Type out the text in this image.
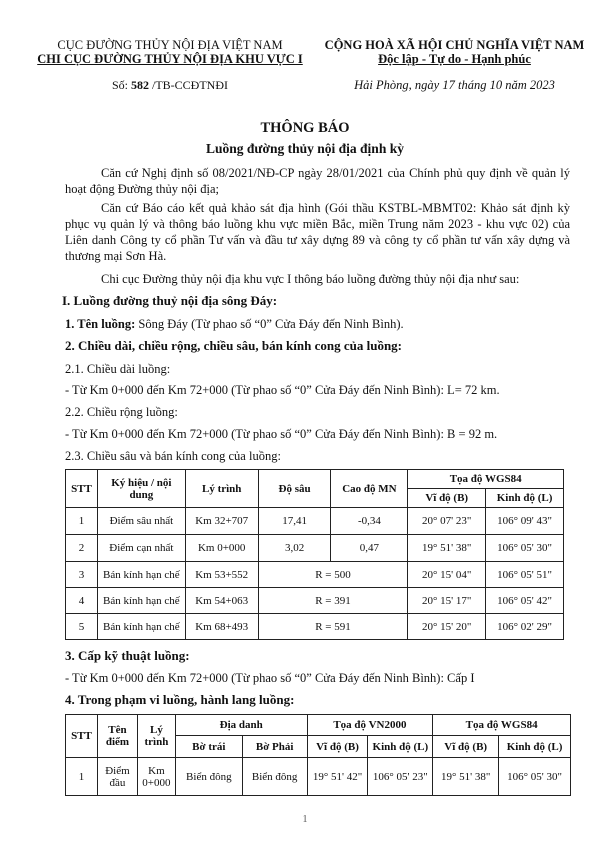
CỤC ĐƯỜNG THỦY NỘI ĐỊA VIỆT NAM
CHI CỤC ĐƯỜNG THỦY NỘI ĐỊA KHU VỰC I
Số: 582 /TB-CCĐTNĐI
CỘNG HOÀ XÃ HỘI CHỦ NGHĨA VIỆT NAM
Độc lập - Tự do - Hạnh phúc
Hải Phòng, ngày 17 tháng 10 năm 2023
THÔNG BÁO
Luồng đường thủy nội địa định kỳ
Căn cứ Nghị định số 08/2021/NĐ-CP ngày 28/01/2021 của Chính phủ quy định về quản lý hoạt động Đường thủy nội địa;
Căn cứ Báo cáo kết quả khảo sát địa hình (Gói thầu KSTBL-MBMT02: Khảo sát định kỳ phục vụ quản lý và thông báo luồng khu vực miền Bắc, miền Trung năm 2023 - khu vực 02) của Liên danh Công ty cổ phần Tư vấn và đầu tư xây dựng 89 và công ty cổ phần tư vấn xây dựng và thương mại Sơn Hà.
Chi cục Đường thủy nội địa khu vực I thông báo luồng đường thủy nội địa như sau:
I. Luồng đường thuỷ nội địa sông Đáy:
1. Tên luồng: Sông Đáy (Từ phao số “0” Cửa Đáy đến Ninh Bình).
2. Chiều dài, chiều rộng, chiều sâu, bán kính cong của luồng:
2.1. Chiều dài luồng:
- Từ Km 0+000 đến Km 72+000 (Từ phao số “0” Cửa Đáy đến Ninh Bình): L= 72 km.
2.2. Chiều rộng luồng:
- Từ Km 0+000 đến Km 72+000 (Từ phao số “0” Cửa Đáy đến Ninh Bình): B = 92 m.
2.3. Chiều sâu và bán kính cong của luồng:
STT	Ký hiệu / nội dung	Lý trình	Độ sâu	Cao độ MN	Tọa độ WGS84	
					Vĩ độ (B)	Kinh độ (L)
1	Điểm sâu nhất	Km 32+707	17,41	-0,34	20° 07' 23"	106° 09' 43"
2	Điểm cạn nhất	Km 0+000	3,02	0,47	19° 51' 38"	106° 05' 30"
3	Bán kính hạn chế	Km 53+552	R = 500		20° 15' 04"	106° 05' 51"
4	Bán kính hạn chế	Km 54+063	R = 391		20° 15' 17"	106° 05' 42"
5	Bán kính hạn chế	Km 68+493	R = 591		20° 15' 20"	106° 02' 29"
3. Cấp kỹ thuật luồng:
- Từ Km 0+000 đến Km 72+000 (Từ phao số “0” Cửa Đáy đến Ninh Bình): Cấp I
4. Trong phạm vi luồng, hành lang luồng:
STT	Tên điểm	Lý trình	Địa danh		Tọa độ VN2000		Tọa độ WGS84	
			Bờ trái	Bờ Phải	Vĩ độ (B)	Kinh độ (L)	Vĩ độ (B)	Kinh độ (L)
1	Điểm đầu	Km 0+000	Biển đông	Biển đông	19° 51' 42"	106° 05' 23"	19° 51' 38"	106° 05' 30"
1
